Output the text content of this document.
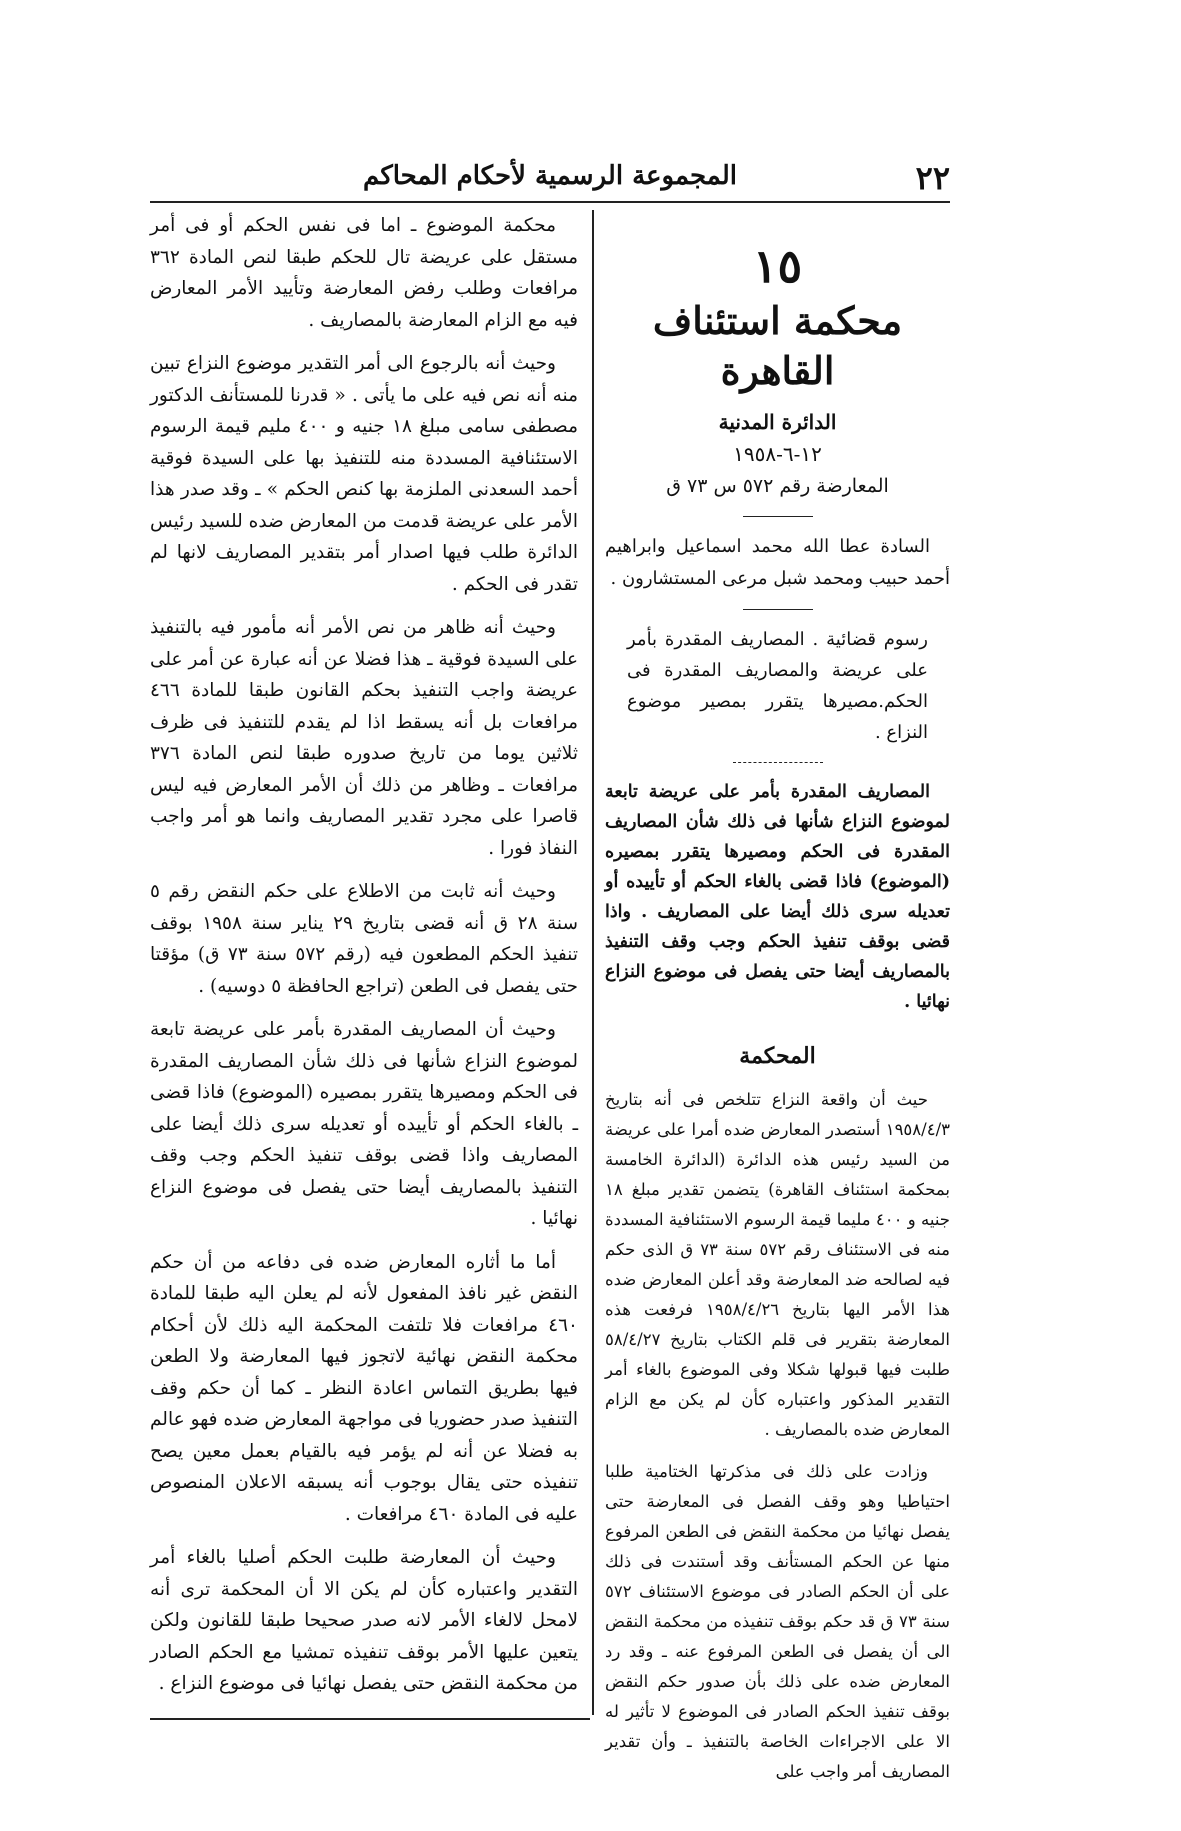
٢٢
المجموعة الرسمية لأحكام المحاكم
١٥
محكمة استئناف القاهرة
الدائرة المدنية
١٢-٦-١٩٥٨
المعارضة رقم ٥٧٢ س ٧٣ ق
السادة عطا الله محمد اسماعيل وابراهيم أحمد حبيب ومحمد شبل مرعى المستشارون .
رسوم قضائية . المصاريف المقدرة بأمر على عريضة والمصاريف المقدرة فى الحكم.مصيرها يتقرر بمصير موضوع النزاع .
المصاريف المقدرة بأمر على عريضة تابعة لموضوع النزاع شأنها فى ذلك شأن المصاريف المقدرة فى الحكم ومصيرها يتقرر بمصيره (الموضوع) فاذا قضى بالغاء الحكم أو تأييده أو تعديله سرى ذلك أيضا على المصاريف . واذا قضى بوقف تنفيذ الحكم وجب وقف التنفيذ بالمصاريف أيضا حتى يفصل فى موضوع النزاع نهائيا .
المحكمة

حيث أن واقعة النزاع تتلخص فى أنه بتاريخ ١٩٥٨/٤/٣ أستصدر المعارض ضده أمرا على عريضة من السيد رئيس هذه الدائرة (الدائرة الخامسة بمحكمة استئناف القاهرة) يتضمن تقدير مبلغ ١٨ جنيه و ٤٠٠ مليما قيمة الرسوم الاستئنافية المسددة منه فى الاستئناف رقم ٥٧٢ سنة ٧٣ ق الذى حكم فيه لصالحه ضد المعارضة وقد أعلن المعارض ضده هذا الأمر اليها بتاريخ ١٩٥٨/٤/٢٦ فرفعت هذه المعارضة بتقرير فى قلم الكتاب بتاريخ ٥٨/٤/٢٧ طلبت فيها قبولها شكلا وفى الموضوع بالغاء أمر التقدير المذكور واعتباره كأن لم يكن مع الزام المعارض ضده بالمصاريف .

وزادت على ذلك فى مذكرتها الختامية طلبا احتياطيا وهو وقف الفصل فى المعارضة حتى يفصل نهائيا من محكمة النقض فى الطعن المرفوع منها عن الحكم المستأنف وقد أستندت فى ذلك على أن الحكم الصادر فى موضوع الاستئناف ٥٧٢ سنة ٧٣ ق قد حكم بوقف تنفيذه من محكمة النقض الى أن يفصل فى الطعن المرفوع عنه ـ وقد رد المعارض ضده على ذلك بأن صدور حكم النقض بوقف تنفيذ الحكم الصادر فى الموضوع لا تأثير له الا على الاجراءات الخاصة بالتنفيذ ـ وأن تقدير المصاريف أمر واجب على

محكمة الموضوع ـ اما فى نفس الحكم أو فى أمر مستقل على عريضة تال للحكم طبقا لنص المادة ٣٦٢ مرافعات وطلب رفض المعارضة وتأييد الأمر المعارض فيه مع الزام المعارضة بالمصاريف .

وحيث أنه بالرجوع الى أمر التقدير موضوع النزاع تبين منه أنه نص فيه على ما يأتى . « قدرنا للمستأنف الدكتور مصطفى سامى مبلغ ١٨ جنيه و ٤٠٠ مليم قيمة الرسوم الاستئنافية المسددة منه للتنفيذ بها على السيدة فوقية أحمد السعدنى الملزمة بها كنص الحكم » ـ وقد صدر هذا الأمر على عريضة قدمت من المعارض ضده للسيد رئيس الدائرة طلب فيها اصدار أمر بتقدير المصاريف لانها لم تقدر فى الحكم .

وحيث أنه ظاهر من نص الأمر أنه مأمور فيه بالتنفيذ على السيدة فوقية ـ هذا فضلا عن أنه عبارة عن أمر على عريضة واجب التنفيذ بحكم القانون طبقا للمادة ٤٦٦ مرافعات بل أنه يسقط اذا لم يقدم للتنفيذ فى ظرف ثلاثين يوما من تاريخ صدوره طبقا لنص المادة ٣٧٦ مرافعات ـ وظاهر من ذلك أن الأمر المعارض فيه ليس قاصرا على مجرد تقدير المصاريف وانما هو أمر واجب النفاذ فورا .

وحيث أنه ثابت من الاطلاع على حكم النقض رقم ٥ سنة ٢٨ ق أنه قضى بتاريخ ٢٩ يناير سنة ١٩٥٨ بوقف تنفيذ الحكم المطعون فيه (رقم ٥٧٢ سنة ٧٣ ق) مؤقتا حتى يفصل فى الطعن (تراجع الحافظة ٥ دوسيه) .

وحيث أن المصاريف المقدرة بأمر على عريضة تابعة لموضوع النزاع شأنها فى ذلك شأن المصاريف المقدرة فى الحكم ومصيرها يتقرر بمصيره (الموضوع) فاذا قضى ـ بالغاء الحكم أو تأييده أو تعديله سرى ذلك أيضا على المصاريف واذا قضى بوقف تنفيذ الحكم وجب وقف التنفيذ بالمصاريف أيضا حتى يفصل فى موضوع النزاع نهائيا .

أما ما أثاره المعارض ضده فى دفاعه من أن حكم النقض غير نافذ المفعول لأنه لم يعلن اليه طبقا للمادة ٤٦٠ مرافعات فلا تلتفت المحكمة اليه ذلك لأن أحكام محكمة النقض نهائية لاتجوز فيها المعارضة ولا الطعن فيها بطريق التماس اعادة النظر ـ كما أن حكم وقف التنفيذ صدر حضوريا فى مواجهة المعارض ضده فهو عالم به فضلا عن أنه لم يؤمر فيه بالقيام بعمل معين يصح تنفيذه حتى يقال بوجوب أنه يسبقه الاعلان المنصوص عليه فى المادة ٤٦٠ مرافعات .

وحيث أن المعارضة طلبت الحكم أصليا بالغاء أمر التقدير واعتباره كأن لم يكن الا أن المحكمة ترى أنه لامحل لالغاء الأمر لانه صدر صحيحا طبقا للقانون ولكن يتعين عليها الأمر بوقف تنفيذه تمشيا مع الحكم الصادر من محكمة النقض حتى يفصل نهائيا فى موضوع النزاع .
